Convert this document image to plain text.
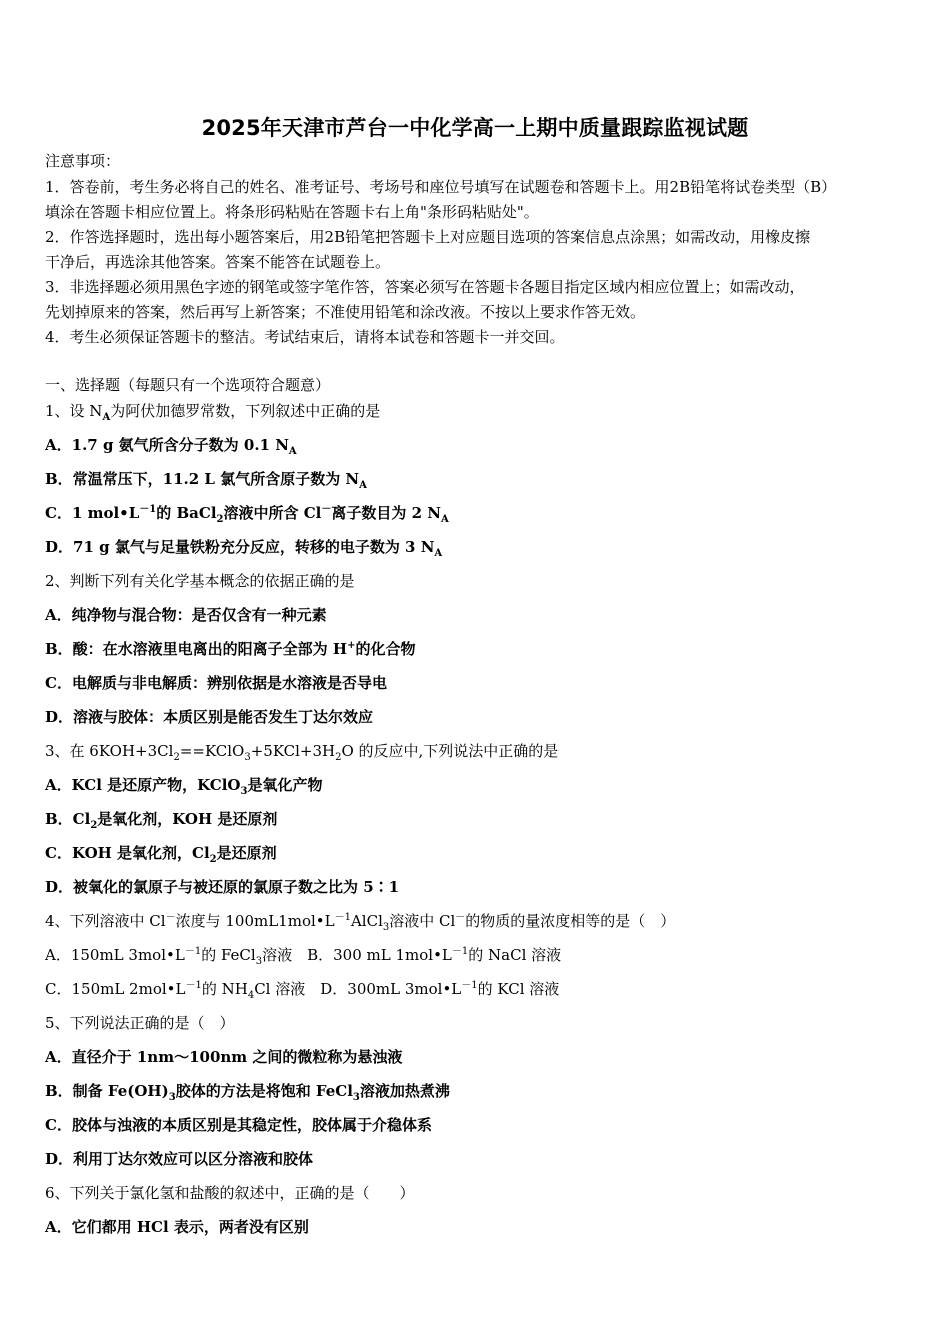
2025年天津市芦台一中化学高一上期中质量跟踪监视试题
注意事项：
1．答卷前，考生务必将自己的姓名、准考证号、考场号和座位号填写在试题卷和答题卡上。用2B铅笔将试卷类型（B）
填涂在答题卡相应位置上。将条形码粘贴在答题卡右上角"条形码粘贴处"。
2．作答选择题时，选出每小题答案后，用2B铅笔把答题卡上对应题目选项的答案信息点涂黑；如需改动，用橡皮擦
干净后，再选涂其他答案。答案不能答在试题卷上。
3．非选择题必须用黑色字迹的钢笔或签字笔作答，答案必须写在答题卡各题目指定区域内相应位置上；如需改动，
先划掉原来的答案，然后再写上新答案；不准使用铅笔和涂改液。不按以上要求作答无效。
4．考生必须保证答题卡的整洁。考试结束后，请将本试卷和答题卡一并交回。
一、选择题（每题只有一个选项符合题意）
1、设 $N_A$为阿伏加德罗常数，下列叙述中正确的是
A．1.7 g 氨气所含分子数为 0.1 $N_A$
B．常温常压下，11.2 L 氯气所含原子数为 $N_A$
C．1 $mol•L^{-1}$的 BaCl$_2$溶液中所含 Cl－离子数目为 2 $N_A$
D．71 g 氯气与足量铁粉充分反应，转移的电子数为 3 $N_A$
2、判断下列有关化学基本概念的依据正确的是
A．纯净物与混合物：是否仅含有一种元素
B．酸：在水溶液里电离出的阳离子全部为 H+的化合物
C．电解质与非电解质：辨别依据是水溶液是否导电
D．溶液与胶体：本质区别是能否发生丁达尔效应
3、在 $6KOH+3Cl_2==KClO_3+5KCl+3H_2O$ 的反应中,下列说法中正确的是
A．KCl 是还原产物，KClO$_3$是氧化产物
B．$Cl_2$是氧化剂，KOH 是还原剂
C．KOH 是氧化剂，$Cl_2$是还原剂
D．被氧化的氯原子与被还原的氯原子数之比为 5∶1
4、下列溶液中 Cl－浓度与 $100mL1mol•L^{-1}AlCl_3$溶液中 Cl－的物质的量浓度相等的是（　）
A．150mL $3mol•L^{-1}$的 FeCl$_3$溶液　B．300 mL $1mol•L^{-1}$的 NaCl 溶液
C．150mL $2mol•L^{-1}$的 $NH_4Cl$ 溶液　D．300mL $3mol•L^{-1}$的 KCl 溶液
5、下列说法正确的是（　）
A．直径介于 1nm～100nm 之间的微粒称为悬浊液
B．制备 $Fe(OH)_3$胶体的方法是将饱和 FeCl$_3$溶液加热煮沸
C．胶体与浊液的本质区别是其稳定性，胶体属于介稳体系
D．利用丁达尔效应可以区分溶液和胶体
6、下列关于氯化氢和盐酸的叙述中，正确的是（　　）
A．它们都用 HCl 表示，两者没有区别
